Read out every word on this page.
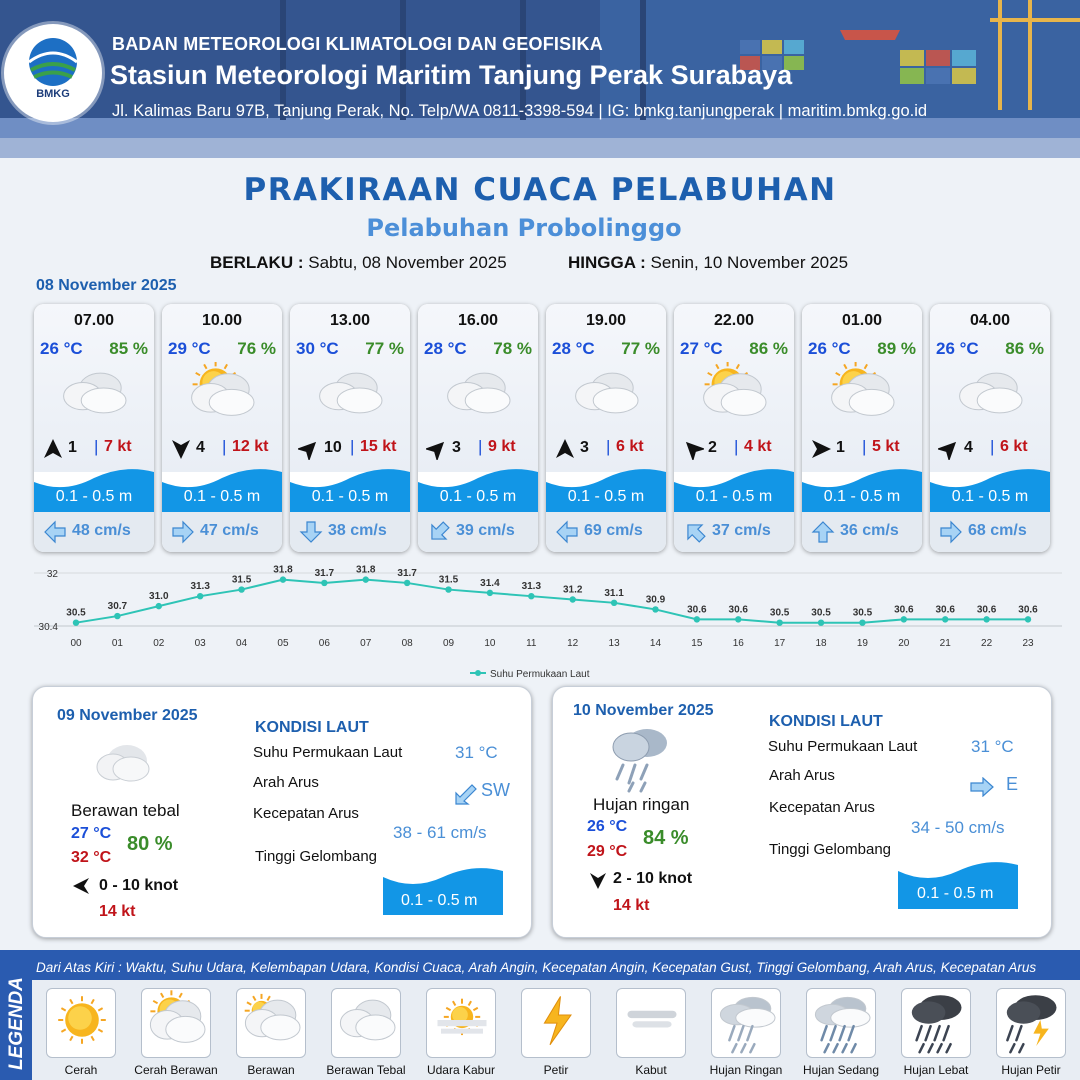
BMKG
BADAN METEOROLOGI KLIMATOLOGI DAN GEOFISIKA
Stasiun Meteorologi Maritim Tanjung Perak Surabaya
Jl. Kalimas Baru 97B, Tanjung Perak, No. Telp/WA 0811-3398-594 | IG: bmkg.tanjungperak | maritim.bmkg.go.id
PRAKIRAAN CUACA PELABUHAN
Pelabuhan Probolinggo
BERLAKU : Sabtu, 08 November 2025	HINGGA : Senin, 10 November 2025
08 November 2025
07.00
26 °C 85 %
1 | 7 kt
0.1 - 0.5 m
48 cm/s
10.00
29 °C 76 %
4 | 12 kt
0.1 - 0.5 m
47 cm/s
13.00
30 °C 77 %
10 | 15 kt
0.1 - 0.5 m
38 cm/s
16.00
28 °C 78 %
3 | 9 kt
0.1 - 0.5 m
39 cm/s
19.00
28 °C 77 %
3 | 6 kt
0.1 - 0.5 m
69 cm/s
22.00
27 °C 86 %
2 | 4 kt
0.1 - 0.5 m
37 cm/s
01.00
26 °C 89 %
1 | 5 kt
0.1 - 0.5 m
36 cm/s
04.00
26 °C 86 %
4 | 6 kt
0.1 - 0.5 m
68 cm/s
32
30.4
30.5
00
30.7
01
31.0
02
31.3
03
31.5
04
31.8
05
31.7
06
31.8
07
31.7
08
31.5
09
31.4
10
31.3
11
31.2
12
31.1
13
30.9
14
30.6
15
30.6
16
30.5
17
30.5
18
30.5
19
30.6
20
30.6
21
30.6
22
30.6
23
Suhu Permukaan Laut
09 November 2025
Berawan tebal
27 °C
32 °C
80 %
0 - 10 knot
14 kt
KONDISI LAUT
Suhu Permukaan Laut	31 °C
Arah Arus	SW
Kecepatan Arus
38 - 61 cm/s
Tinggi Gelombang
0.1 - 0.5 m
10 November 2025
Hujan ringan
26 °C
29 °C
84 %
2 - 10 knot
14 kt
KONDISI LAUT
Suhu Permukaan Laut	31 °C
Arah Arus	E
Kecepatan Arus
34 - 50 cm/s
Tinggi Gelombang
0.1 - 0.5 m
LEGENDA
Dari Atas Kiri : Waktu, Suhu Udara, Kelembapan Udara, Kondisi Cuaca, Arah Angin, Kecepatan Angin, Kecepatan Gust, Tinggi Gelombang, Arah Arus, Kecepatan Arus
Cerah	Cerah Berawan	Berawan	Berawan Tebal	Udara Kabur	Petir	Kabut	Hujan Ringan	Hujan Sedang	Hujan Lebat	Hujan Petir
